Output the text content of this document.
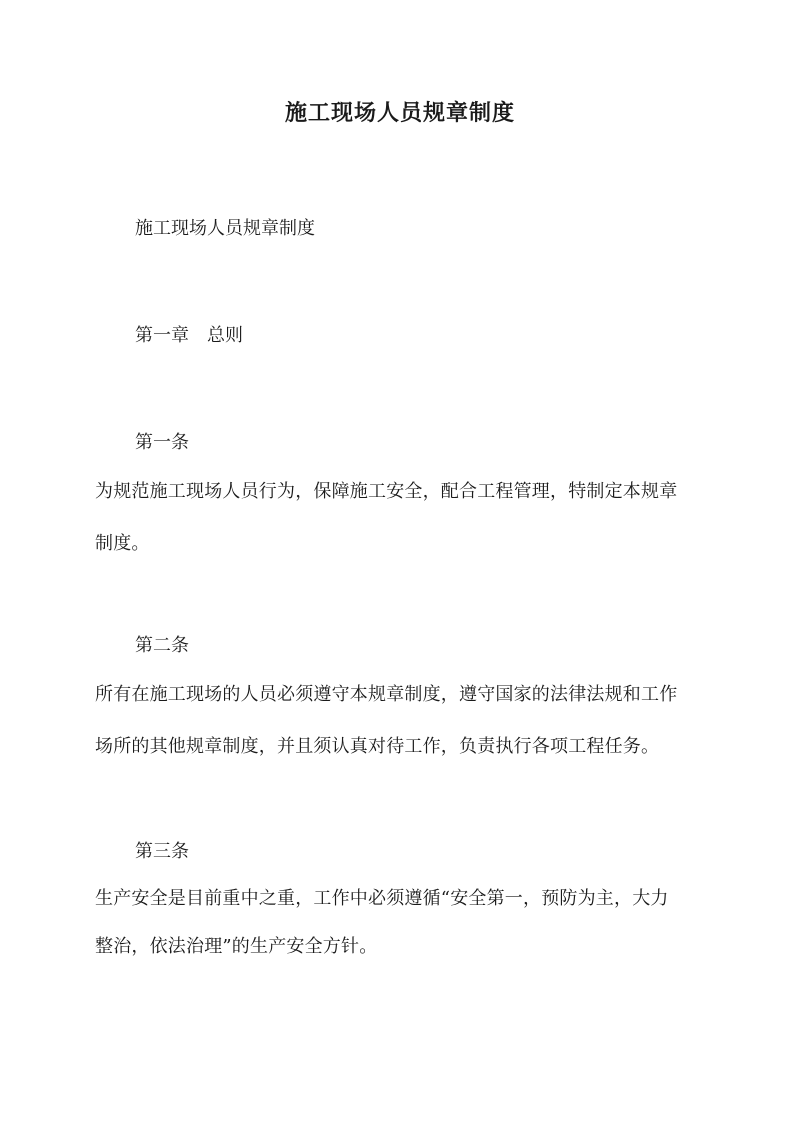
施工现场人员规章制度
施工现场人员规章制度
第一章　总则
第一条
为规范施工现场人员行为，保障施工安全，配合工程管理，特制定本规章
制度。
第二条
所有在施工现场的人员必须遵守本规章制度，遵守国家的法律法规和工作
场所的其他规章制度，并且须认真对待工作，负责执行各项工程任务。
第三条
生产安全是目前重中之重，工作中必须遵循“安全第一，预防为主，大力
整治，依法治理”的生产安全方针。
